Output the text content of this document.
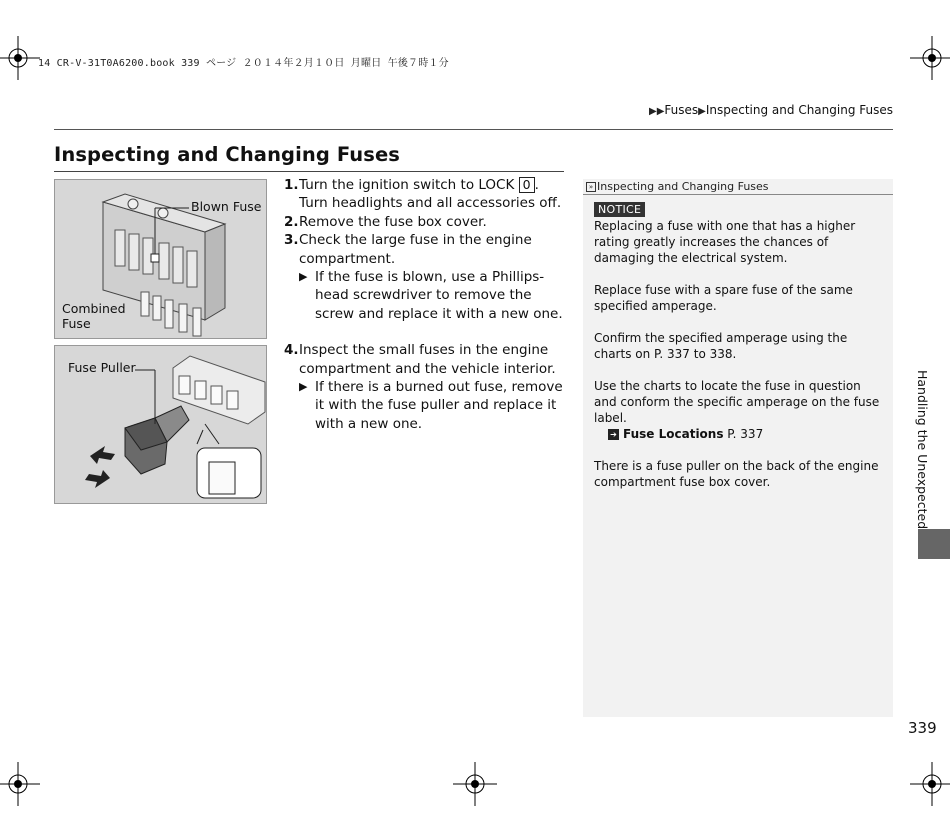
14 CR-V-31T0A6200.book 339 ページ ２０１４年２月１０日 月曜日 午後７時１分
▶▶Fuses▶Inspecting and Changing Fuses
Inspecting and Changing Fuses
Blown Fuse
Combined
Fuse
Fuse Puller
1. Turn the ignition switch to LOCK 0 . Turn headlights and all accessories off.
2. Remove the fuse box cover.
3. Check the large fuse in the engine compartment.
▶ If the fuse is blown, use a Phillips-head screwdriver to remove the screw and replace it with a new one.
4. Inspect the small fuses in the engine compartment and the vehicle interior.
▶ If there is a burned out fuse, remove it with the fuse puller and replace it with a new one.
» Inspecting and Changing Fuses
NOTICE

Replacing a fuse with one that has a higher rating greatly increases the chances of damaging the electrical system.

Replace fuse with a spare fuse of the same specified amperage.

Confirm the specified amperage using the charts on P. 337 to 338.

Use the charts to locate the fuse in question and conform the specific amperage on the fuse label.
➔ Fuse Locations P. 337

There is a fuse puller on the back of the engine compartment fuse box cover.	Handling the Unexpected
339
